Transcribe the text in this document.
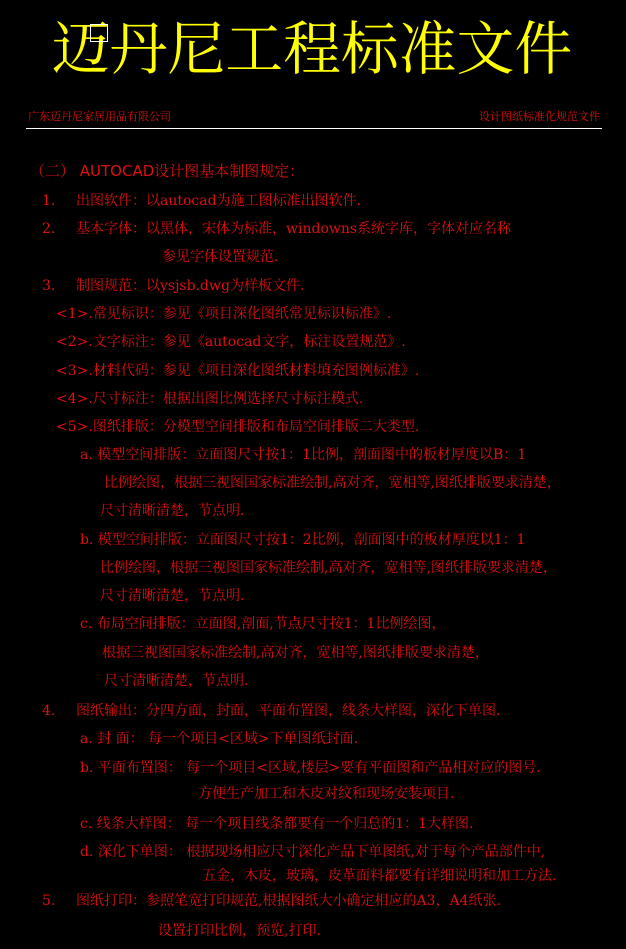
迈丹尼工程标准文件
广东迈丹尼家居用品有限公司	设计图纸标准化规范文件
（二） AUTOCAD设计图基本制图规定：
1. 出图软件：以autocad为施工图标准出图软件.
2. 基本字体：以黑体，宋体为标准，windowns系统字库，字体对应名称
参见字体设置规范.
3. 制图规范：以ysjsb.dwg为样板文件.
<1>.常见标识：参见《项目深化图纸常见标识标准》.
<2>.文字标注：参见《autocad文字，标注设置规范》.
<3>.材料代码：参见《项目深化图纸材料填充图例标准》.
<4>.尺寸标注：根据出图比例选择尺寸标注模式.
<5>.图纸排版：分模型空间排版和布局空间排版二大类型.
a. 模型空间排版：立面图尺寸按1：1比例，剖面图中的板材厚度以B：1
比例绘图，根据三视图国家标准绘制,高对齐，宽相等,图纸排版要求清楚，
尺寸清晰清楚，节点明.
b. 模型空间排版：立面图尺寸按1：2比例，剖面图中的板材厚度以1：1
比例绘图，根据三视图国家标准绘制,高对齐，宽相等,图纸排版要求清楚，
尺寸清晰清楚，节点明.
c. 布局空间排版：立面图,剖面,节点尺寸按1：1比例绘图，
根据三视图国家标准绘制,高对齐，宽相等,图纸排版要求清楚，
尺寸清晰清楚，节点明.
4. 图纸输出：分四方面，封面，平面布置图，线条大样图，深化下单图.
a. 封 面： 每一个项目<区域>下单图纸封面.
b. 平面布置图： 每一个项目<区域,楼层>要有平面图和产品相对应的图号.
方便生产加工和木皮对纹和现场安装项目.
c. 线条大样图： 每一个项目线条都要有一个归总的1：1大样图.
d. 深化下单图： 根据现场相应尺寸深化产品下单图纸,对于每个产品部件中,
五金，木皮，玻璃，皮革面料都要有详细说明和加工方法.
5. 图纸打印：参照笔宽打印规范,根据图纸大小确定相应的A3，A4纸张.
设置打印比例，预览,打印.
